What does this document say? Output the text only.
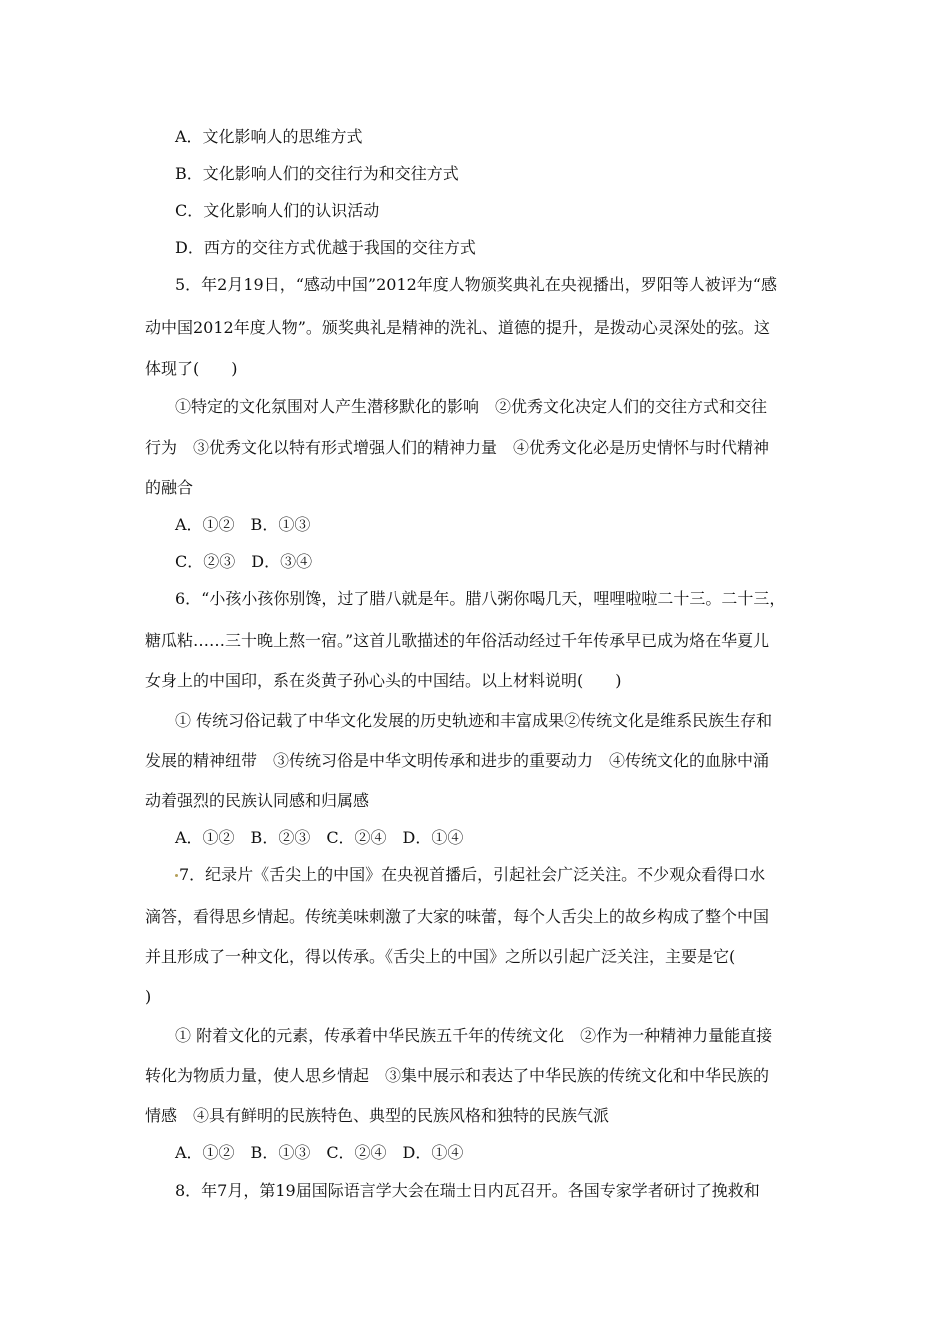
A．文化影响人的思维方式
B．文化影响人们的交往行为和交往方式
C．文化影响人们的认识活动
D．西方的交往方式优越于我国的交往方式
5．年2月19日，“感动中国”2012年度人物颁奖典礼在央视播出，罗阳等人被评为“感
动中国2012年度人物”。颁奖典礼是精神的洗礼、道德的提升，是拨动心灵深处的弦。这
体现了(　　)
①特定的文化氛围对人产生潜移默化的影响　②优秀文化决定人们的交往方式和交往
行为　③优秀文化以特有形式增强人们的精神力量　④优秀文化必是历史情怀与时代精神
的融合
A．①②　B．①③
C．②③　D．③④
6．“小孩小孩你别馋，过了腊八就是年。腊八粥你喝几天，哩哩啦啦二十三。二十三，
糖瓜粘……三十晚上熬一宿。”这首儿歌描述的年俗活动经过千年传承早已成为烙在华夏儿
女身上的中国印，系在炎黄子孙心头的中国结。以上材料说明(　　)
① 传统习俗记载了中华文化发展的历史轨迹和丰富成果②传统文化是维系民族生存和
发展的精神纽带　③传统习俗是中华文明传承和进步的重要动力　④传统文化的血脉中涌
动着强烈的民族认同感和归属感
A．①②　B．②③　C．②④　D．①④
7．纪录片《舌尖上的中国》在央视首播后，引起社会广泛关注。不少观众看得口水
滴答，看得思乡情起。传统美味刺激了大家的味蕾，每个人舌尖上的故乡构成了整个中国
并且形成了一种文化，得以传承。《舌尖上的中国》之所以引起广泛关注，主要是它(
)
① 附着文化的元素，传承着中华民族五千年的传统文化　②作为一种精神力量能直接
转化为物质力量，使人思乡情起　③集中展示和表达了中华民族的传统文化和中华民族的
情感　④具有鲜明的民族特色、典型的民族风格和独特的民族气派
A．①②　B．①③　C．②④　D．①④
8．年7月，第19届国际语言学大会在瑞士日内瓦召开。各国专家学者研讨了挽救和
